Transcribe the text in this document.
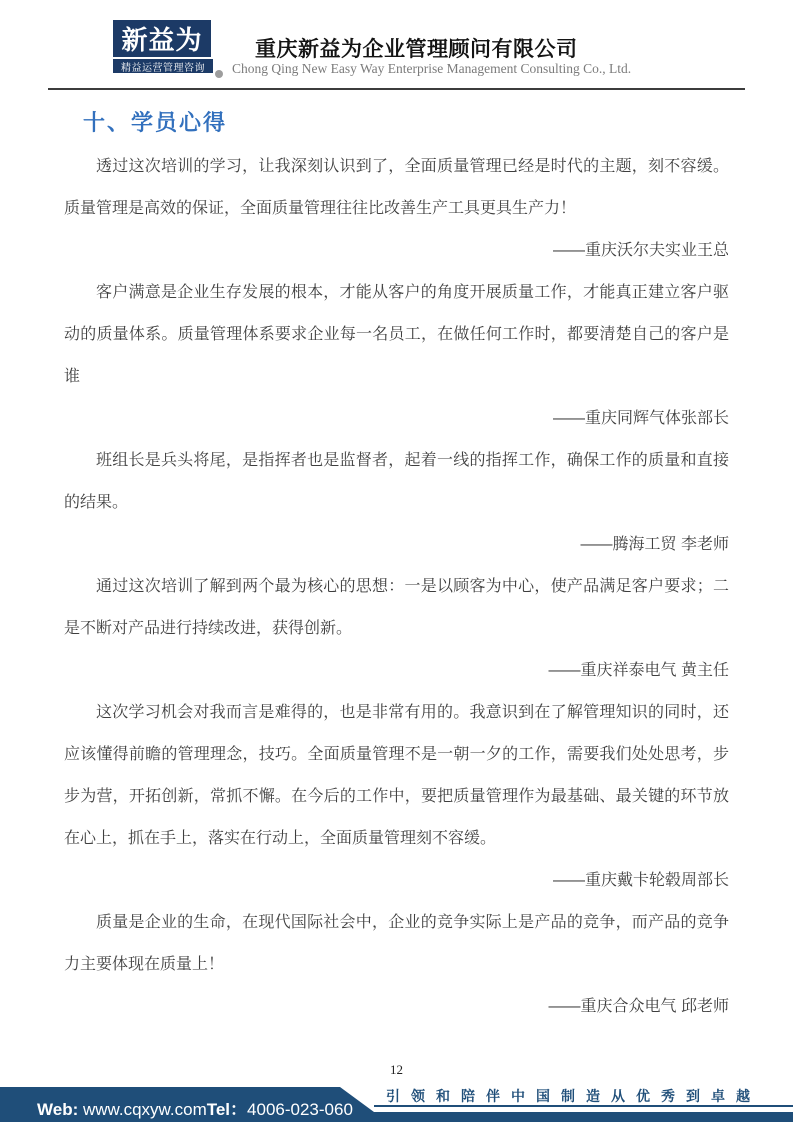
新益为
精益运营管理咨询
重庆新益为企业管理顾问有限公司
Chong Qing New Easy Way Enterprise Management Consulting Co., Ltd.
十、学员心得

透过这次培训的学习，让我深刻认识到了，全面质量管理已经是时代的主题，刻不容缓。质量管理是高效的保证，全面质量管理往往比改善生产工具更具生产力！

——重庆沃尔夫实业王总

客户满意是企业生存发展的根本，才能从客户的角度开展质量工作，才能真正建立客户驱动的质量体系。质量管理体系要求企业每一名员工，在做任何工作时，都要清楚自己的客户是谁

——重庆同辉气体张部长

班组长是兵头将尾，是指挥者也是监督者，起着一线的指挥工作，确保工作的质量和直接的结果。

——腾海工贸 李老师

通过这次培训了解到两个最为核心的思想：一是以顾客为中心，使产品满足客户要求；二是不断对产品进行持续改进，获得创新。

——重庆祥泰电气 黄主任

这次学习机会对我而言是难得的，也是非常有用的。我意识到在了解管理知识的同时，还应该懂得前瞻的管理理念，技巧。全面质量管理不是一朝一夕的工作，需要我们处处思考，步步为营，开拓创新，常抓不懈。在今后的工作中，要把质量管理作为最基础、最关键的环节放在心上，抓在手上，落实在行动上，全面质量管理刻不容缓。

——重庆戴卡轮毂周部长

质量是企业的生命，在现代国际社会中，企业的竞争实际上是产品的竞争，而产品的竞争力主要体现在质量上！

——重庆合众电气 邱老师

12
Web: www.cqxyw.comTel：4006-023-060
引领和陪伴中国制造从优秀到卓越
